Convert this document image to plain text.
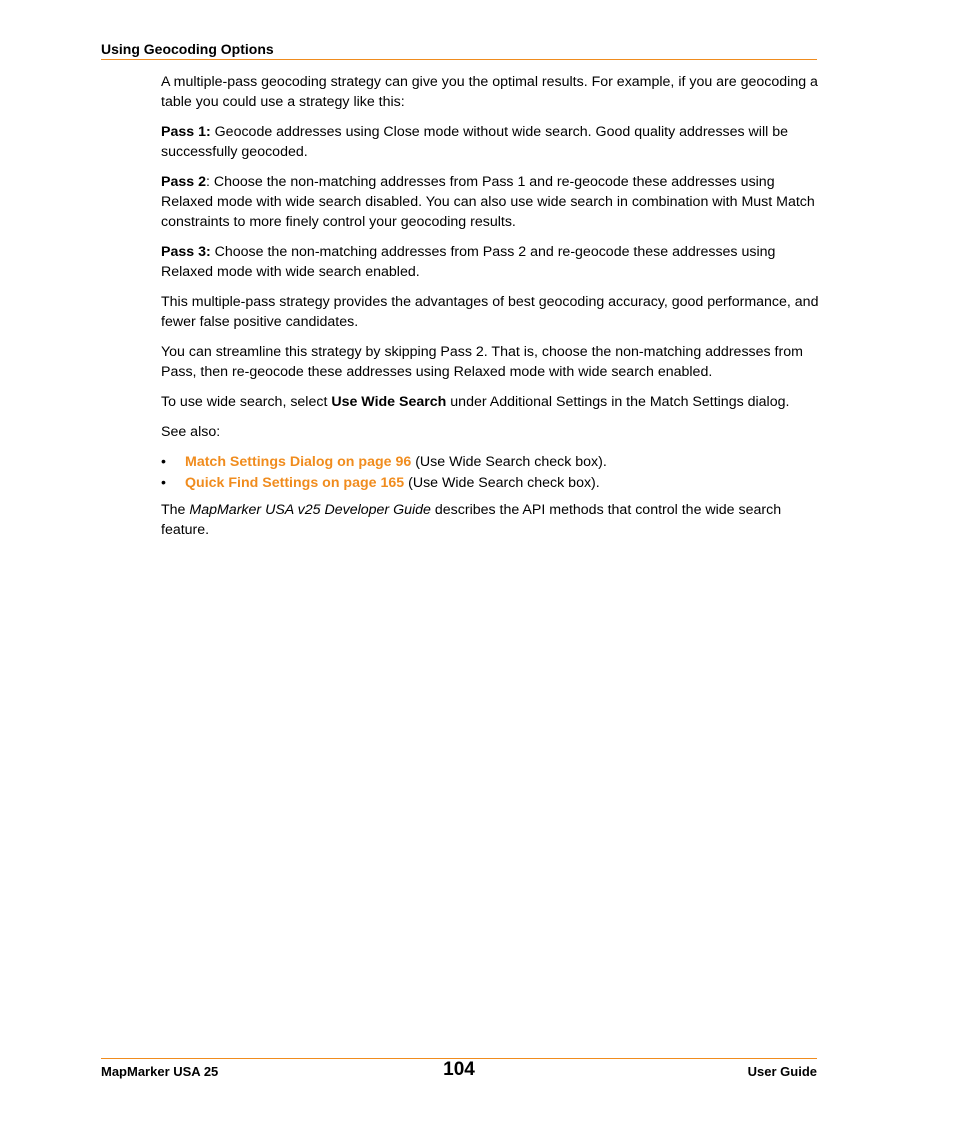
Using Geocoding Options

A multiple-pass geocoding strategy can give you the optimal results. For example, if you are geocoding a table you could use a strategy like this:

Pass 1: Geocode addresses using Close mode without wide search. Good quality addresses will be successfully geocoded.

Pass 2: Choose the non-matching addresses from Pass 1 and re-geocode these addresses using Relaxed mode with wide search disabled. You can also use wide search in combination with Must Match constraints to more finely control your geocoding results.

Pass 3: Choose the non-matching addresses from Pass 2 and re-geocode these addresses using Relaxed mode with wide search enabled.

This multiple-pass strategy provides the advantages of best geocoding accuracy, good performance, and fewer false positive candidates.

You can streamline this strategy by skipping Pass 2. That is, choose the non-matching addresses from Pass, then re-geocode these addresses using Relaxed mode with wide search enabled.

To use wide search, select Use Wide Search under Additional Settings in the Match Settings dialog.

See also:

• Match Settings Dialog on page 96 (Use Wide Search check box).
• Quick Find Settings on page 165 (Use Wide Search check box).

The MapMarker USA v25 Developer Guide describes the API methods that control the wide search feature.

MapMarker USA 25	104	User Guide
